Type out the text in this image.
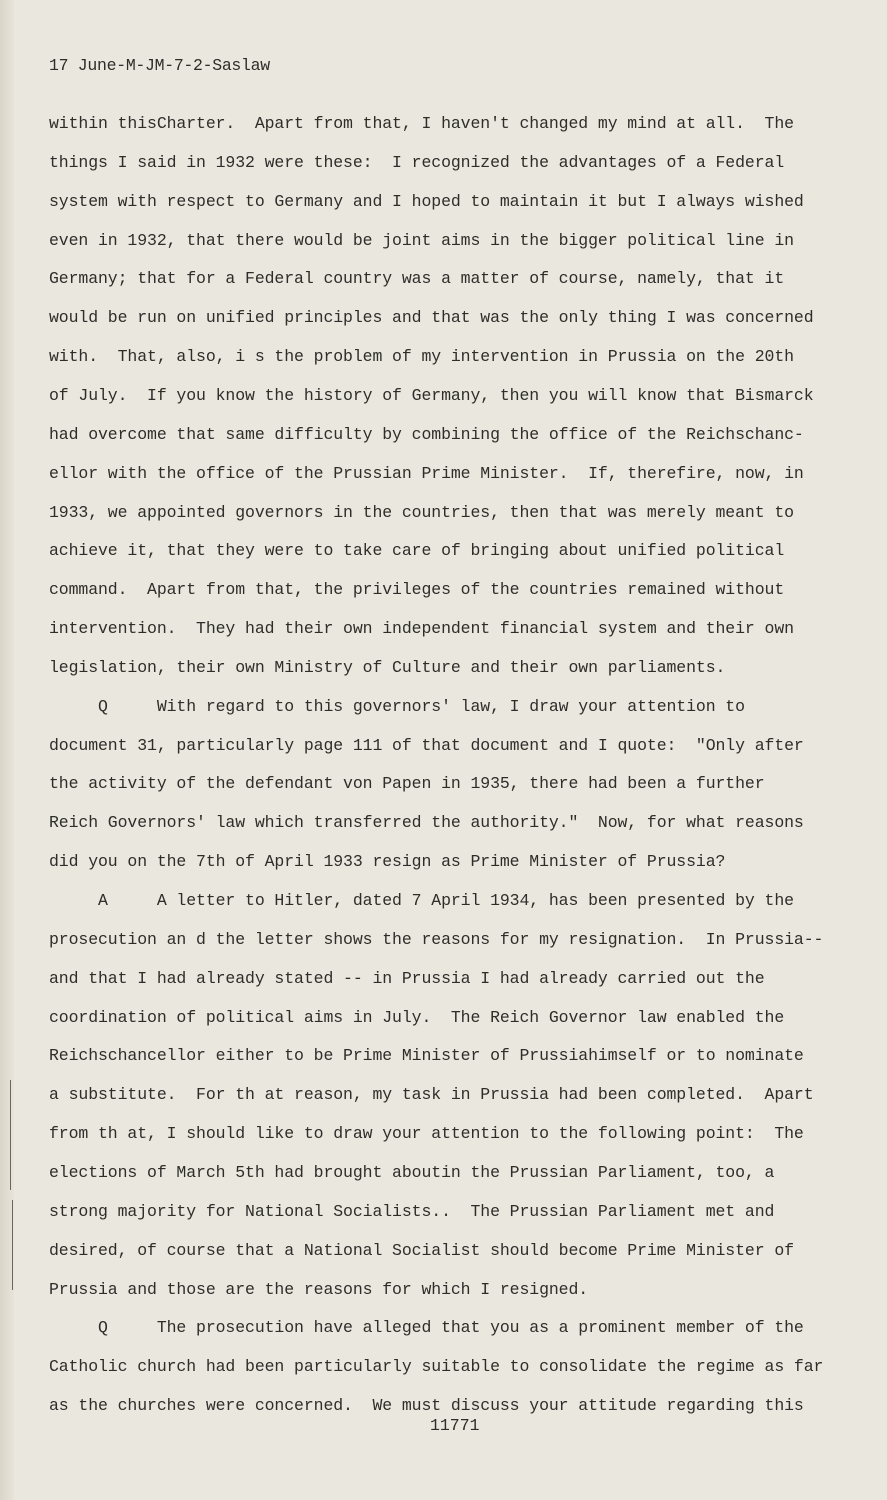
17 June-M-JM-7-2-Saslaw
within thisCharter.  Apart from that, I haven't changed my mind at all.  The
things I said in 1932 were these:  I recognized the advantages of a Federal
system with respect to Germany and I hoped to maintain it but I always wished
even in 1932, that there would be joint aims in the bigger political line in
Germany; that for a Federal country was a matter of course, namely, that it
would be run on unified principles and that was the only thing I was concerned
with.  That, also, i s the problem of my intervention in Prussia on the 20th
of July.  If you know the history of Germany, then you will know that Bismarck
had overcome that same difficulty by combining the office of the Reichschanc-
ellor with the office of the Prussian Prime Minister.  If, therefire, now, in
1933, we appointed governors in the countries, then that was merely meant to
achieve it, that they were to take care of bringing about unified political
command.  Apart from that, the privileges of the countries remained without
intervention.  They had their own independent financial system and their own
legislation, their own Ministry of Culture and their own parliaments.
Q     With regard to this governors' law, I draw your attention to
document 31, particularly page 111 of that document and I quote:  "Only after
the activity of the defendant von Papen in 1935, there had been a further
Reich Governors' law which transferred the authority."  Now, for what reasons
did you on the 7th of April 1933 resign as Prime Minister of Prussia?
A     A letter to Hitler, dated 7 April 1934, has been presented by the
prosecution an d the letter shows the reasons for my resignation.  In Prussia--
and that I had already stated -- in Prussia I had already carried out the
coordination of political aims in July.  The Reich Governor law enabled the
Reichschancellor either to be Prime Minister of Prussiahimself or to nominate
a substitute.  For th at reason, my task in Prussia had been completed.  Apart
from th at, I should like to draw your attention to the following point:  The
elections of March 5th had brought aboutin the Prussian Parliament, too, a
strong majority for National Socialists..  The Prussian Parliament met and
desired, of course that a National Socialist should become Prime Minister of
Prussia and those are the reasons for which I resigned.
Q     The prosecution have alleged that you as a prominent member of the
Catholic church had been particularly suitable to consolidate the regime as far
as the churches were concerned.  We must discuss your attitude regarding this
11771
